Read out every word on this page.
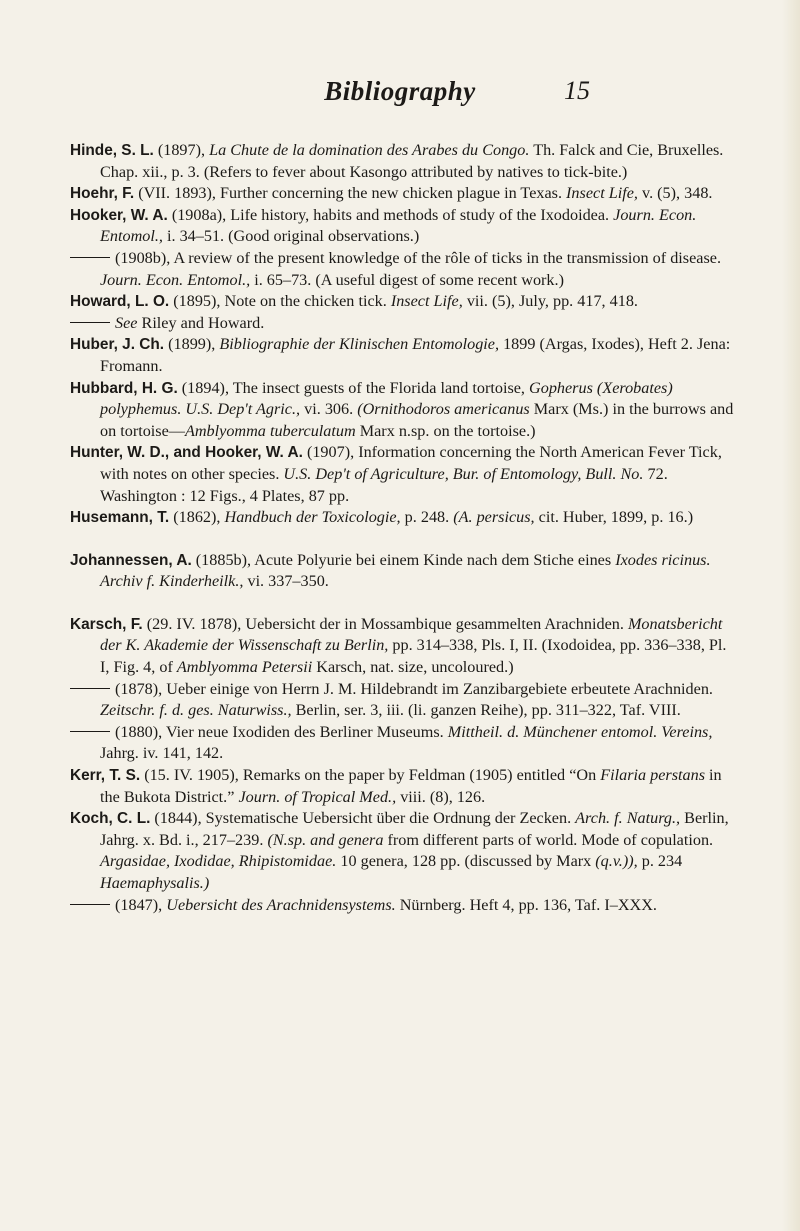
Bibliography	15

Hinde, S. L. (1897), La Chute de la domination des Arabes du Congo. Th. Falck and Cie, Bruxelles. Chap. xii., p. 3. (Refers to fever about Kasongo attributed by natives to tick-bite.)

Hoehr, F. (VII. 1893), Further concerning the new chicken plague in Texas. Insect Life, v. (5), 348.

Hooker, W. A. (1908a), Life history, habits and methods of study of the Ixodoidea. Journ. Econ. Entomol., i. 34–51. (Good original observations.)

(1908b), A review of the present knowledge of the rôle of ticks in the transmission of disease. Journ. Econ. Entomol., i. 65–73. (A useful digest of some recent work.)

Howard, L. O. (1895), Note on the chicken tick. Insect Life, vii. (5), July, pp. 417, 418.

See Riley and Howard.

Huber, J. Ch. (1899), Bibliographie der Klinischen Entomologie, 1899 (Argas, Ixodes), Heft 2. Jena: Fromann.

Hubbard, H. G. (1894), The insect guests of the Florida land tortoise, Gopherus (Xerobates) polyphemus. U.S. Dep't Agric., vi. 306. (Ornithodoros americanus Marx (Ms.) in the burrows and on tortoise—Amblyomma tuberculatum Marx n.sp. on the tortoise.)

Hunter, W. D., and Hooker, W. A. (1907), Information concerning the North American Fever Tick, with notes on other species. U.S. Dep't of Agriculture, Bur. of Entomology, Bull. No. 72. Washington : 12 Figs., 4 Plates, 87 pp.

Husemann, T. (1862), Handbuch der Toxicologie, p. 248. (A. persicus, cit. Huber, 1899, p. 16.)

Johannessen, A. (1885b), Acute Polyurie bei einem Kinde nach dem Stiche eines Ixodes ricinus. Archiv f. Kinderheilk., vi. 337–350.

Karsch, F. (29. IV. 1878), Uebersicht der in Mossambique gesammelten Arachniden. Monatsbericht der K. Akademie der Wissenschaft zu Berlin, pp. 314–338, Pls. I, II. (Ixodoidea, pp. 336–338, Pl. I, Fig. 4, of Amblyomma Petersii Karsch, nat. size, uncoloured.)

(1878), Ueber einige von Herrn J. M. Hildebrandt im Zanzibargebiete erbeutete Arachniden. Zeitschr. f. d. ges. Naturwiss., Berlin, ser. 3, iii. (li. ganzen Reihe), pp. 311–322, Taf. VIII.

(1880), Vier neue Ixodiden des Berliner Museums. Mittheil. d. Münchener entomol. Vereins, Jahrg. iv. 141, 142.

Kerr, T. S. (15. IV. 1905), Remarks on the paper by Feldman (1905) entitled “On Filaria perstans in the Bukota District.” Journ. of Tropical Med., viii. (8), 126.

Koch, C. L. (1844), Systematische Uebersicht über die Ordnung der Zecken. Arch. f. Naturg., Berlin, Jahrg. x. Bd. i., 217–239. (N.sp. and genera from different parts of world. Mode of copulation. Argasidae, Ixodidae, Rhipistomidae. 10 genera, 128 pp. (discussed by Marx (q.v.)), p. 234 Haemaphysalis.)

(1847), Uebersicht des Arachnidensystems. Nürnberg. Heft 4, pp. 136, Taf. I–XXX.
